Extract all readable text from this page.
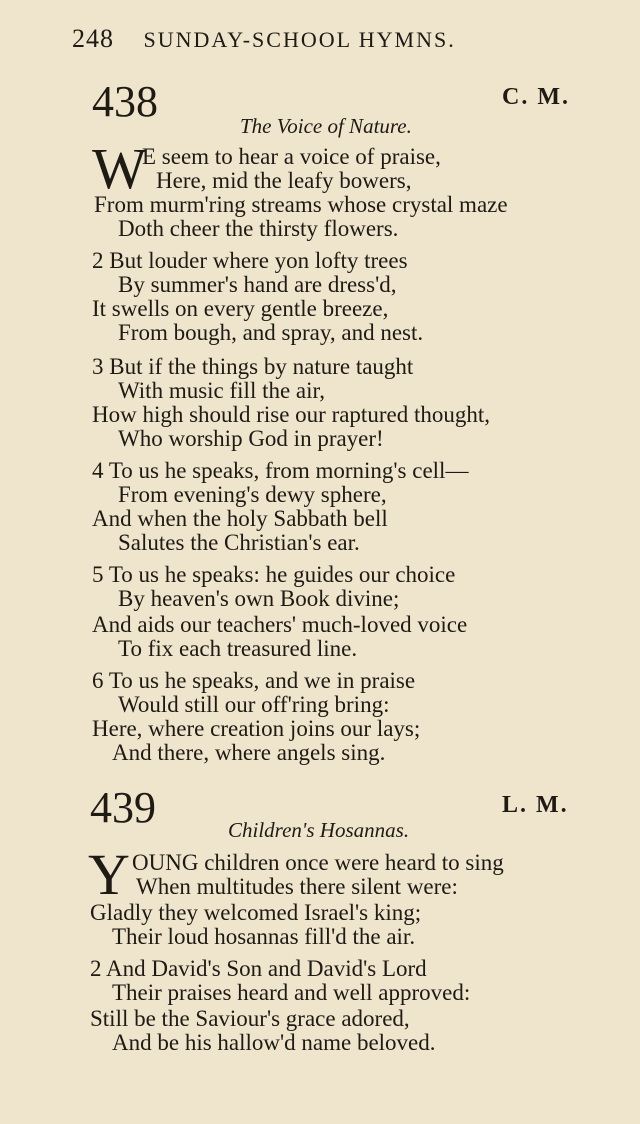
248 SUNDAY-SCHOOL HYMNS.
438	C. M.
The Voice of Nature.
W
E seem to hear a voice of praise,
Here, mid the leafy bowers,
From murm'ring streams whose crystal maze
Doth cheer the thirsty flowers.
2 But louder where yon lofty trees
By summer's hand are dress'd,
It swells on every gentle breeze,
From bough, and spray, and nest.
3 But if the things by nature taught
With music fill the air,
How high should rise our raptured thought,
Who worship God in prayer!
4 To us he speaks, from morning's cell—
From evening's dewy sphere,
And when the holy Sabbath bell
Salutes the Christian's ear.
5 To us he speaks: he guides our choice
By heaven's own Book divine;
And aids our teachers' much-loved voice
To fix each treasured line.
6 To us he speaks, and we in praise
Would still our off'ring bring:
Here, where creation joins our lays;
And there, where angels sing.
439	L. M.
Children's Hosannas.
Y OUNG children once were heard to sing
When multitudes there silent were:
Gladly they welcomed Israel's king;
Their loud hosannas fill'd the air.
2 And David's Son and David's Lord
Their praises heard and well approved:
Still be the Saviour's grace adored,
And be his hallow'd name beloved.
